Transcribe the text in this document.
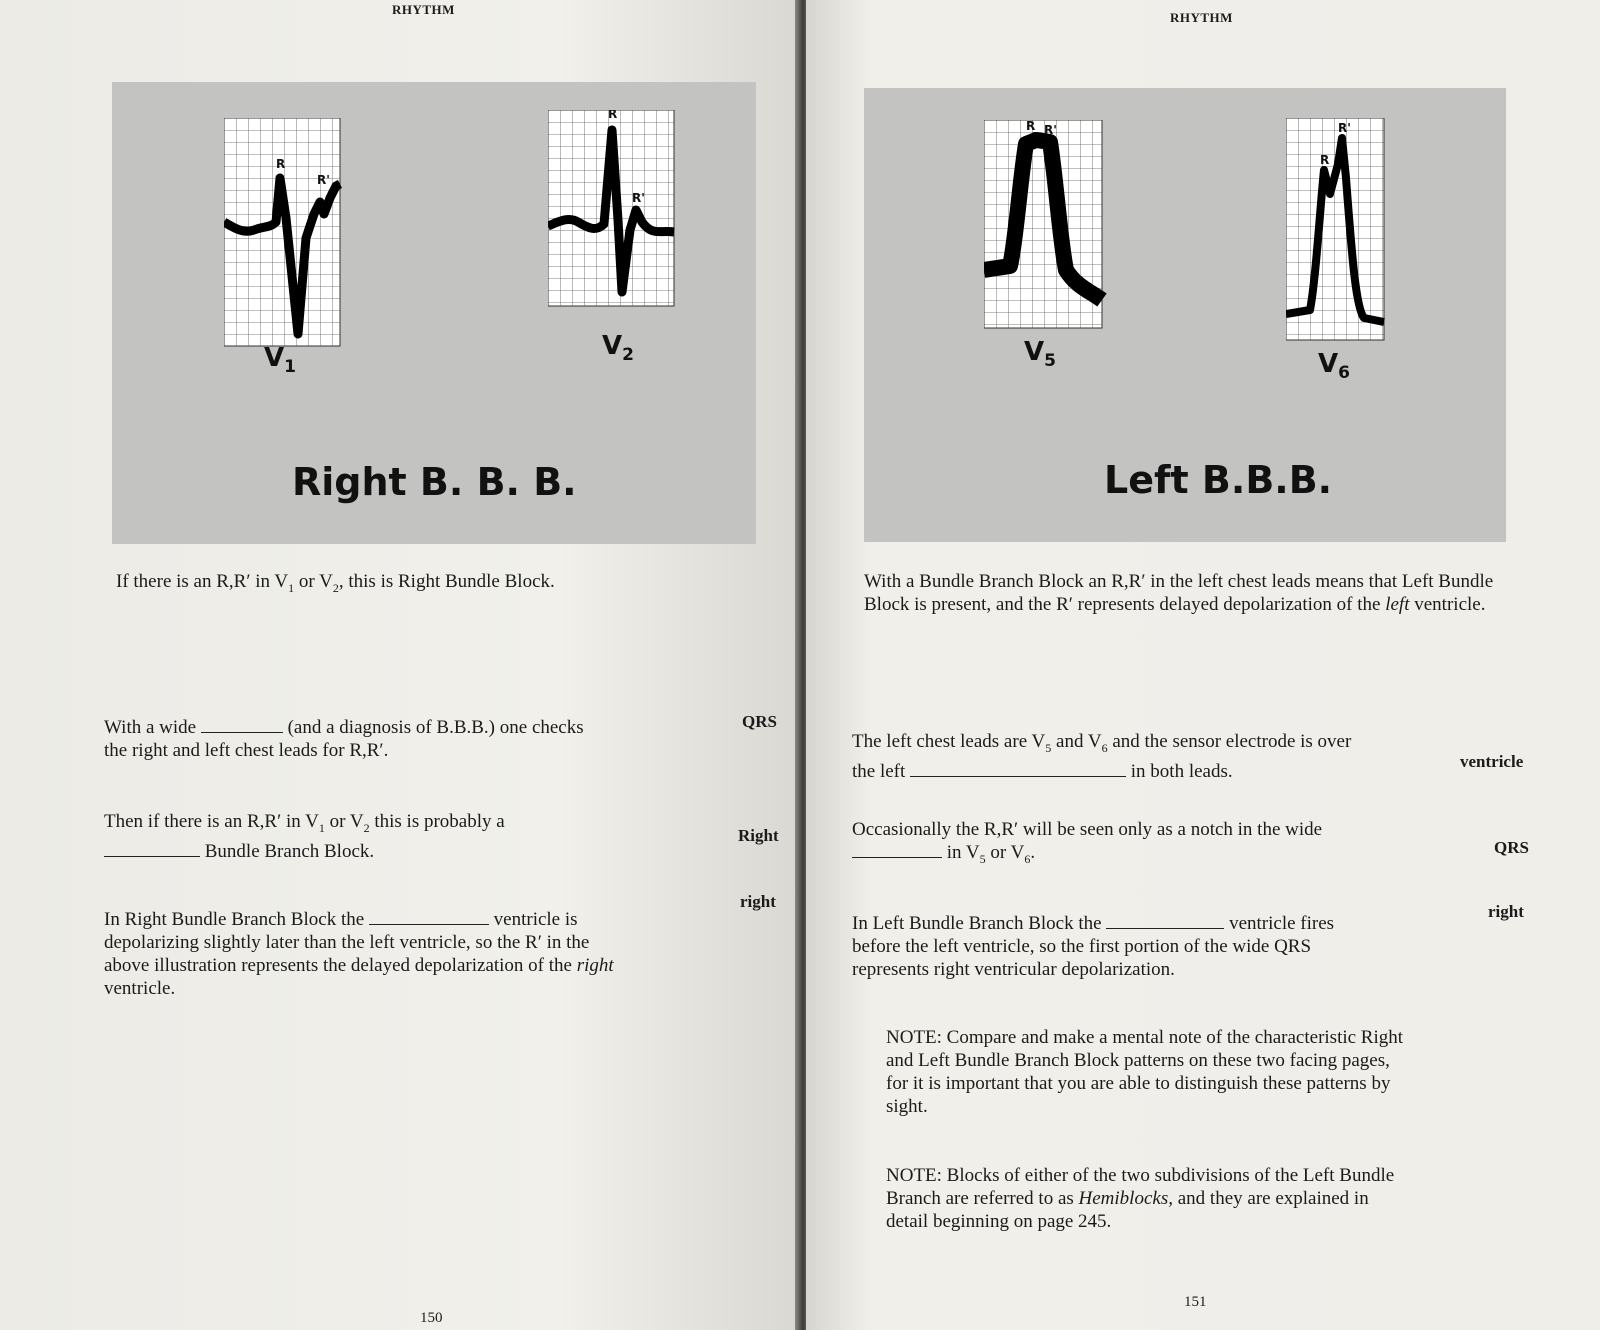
RHYTHM
R
R'
$V_1$
R
R'
$V_2$
Right B. B. B.

If there is an R,R′ in $V_1$ or $V_2$, this is Right Bundle Block.

With a wide	(and a diagnosis of B.B.B.) one checks the right and left chest leads for R,R′.

QRS

Then if there is an R,R′ in $V_1$ or $V_2$ this is probably a  Bundle Branch Block.

Right

In Right Bundle Branch Block the	ventricle is depolarizing slightly later than the left ventricle, so the R′ in the above illustration represents the delayed depolarization of the right ventricle.

right
150
RHYTHM
R R'
$V_5$
R
R'
$V_6$
Left B.B.B.

With a Bundle Branch Block an R,R′ in the left chest leads means that Left Bundle Block is present, and the R′ represents delayed depolarization of the left ventricle.

The left chest leads are $V_5$ and $V_6$ and the sensor electrode is over the left	in both leads.	ventricle

Occasionally the R,R′ will be seen only as a notch in the wide  in $V_5$ or $V_6$.	QRS

In Left Bundle Branch Block the	ventricle fires before the left ventricle, so the first portion of the wide QRS represents right ventricular depolarization.

right

NOTE: Compare and make a mental note of the characteristic Right and Left Bundle Branch Block patterns on these two facing pages, for it is important that you are able to distinguish these patterns by sight.

NOTE: Blocks of either of the two subdivisions of the Left Bundle Branch are referred to as Hemiblocks, and they are explained in detail beginning on page 245.

151
